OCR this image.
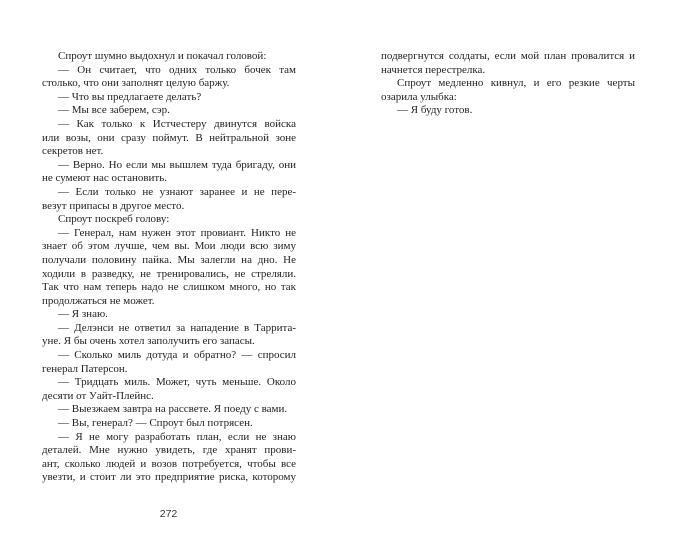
Спроут шумно выдохнул и покачал головой:
— Он считает, что одних только бочек там
столько, что они заполнят целую баржу.
— Что вы предлагаете делать?
— Мы все заберем, сэр.
— Как только к Истчестеру двинутся войска
или возы, они сразу поймут. В нейтральной зоне
секретов нет.
— Верно. Но если мы вышлем туда бригаду, они
не сумеют нас остановить.
— Если только не узнают заранее и не пере-
везут припасы в другое место.
Спроут поскреб голову:
— Генерал, нам нужен этот провиант. Никто не
знает об этом лучше, чем вы. Мои люди всю зиму
получали половину пайка. Мы залегли на дно. Не
ходили в разведку, не тренировались, не стреляли.
Так что нам теперь надо не слишком много, но так
продолжаться не может.
— Я знаю.
— Делэнси не ответил за нападение в Таррита-
уне. Я бы очень хотел заполучить его запасы.
— Сколько миль дотуда и обратно? — спросил
генерал Патерсон.
— Тридцать миль. Может, чуть меньше. Около
десяти от Уайт-Плейнс.
— Выезжаем завтра на рассвете. Я поеду с вами.
— Вы, генерал? — Спроут был потрясен.
— Я не могу разработать план, если не знаю
деталей. Мне нужно увидеть, где хранят прови-
ант, сколько людей и возов потребуется, чтобы все
увезти, и стоит ли это предприятие риска, которому
272
подвергнутся солдаты, если мой план провалится и
начнется перестрелка.
Спроут медленно кивнул, и его резкие черты
озарила улыбка:
— Я буду готов.
